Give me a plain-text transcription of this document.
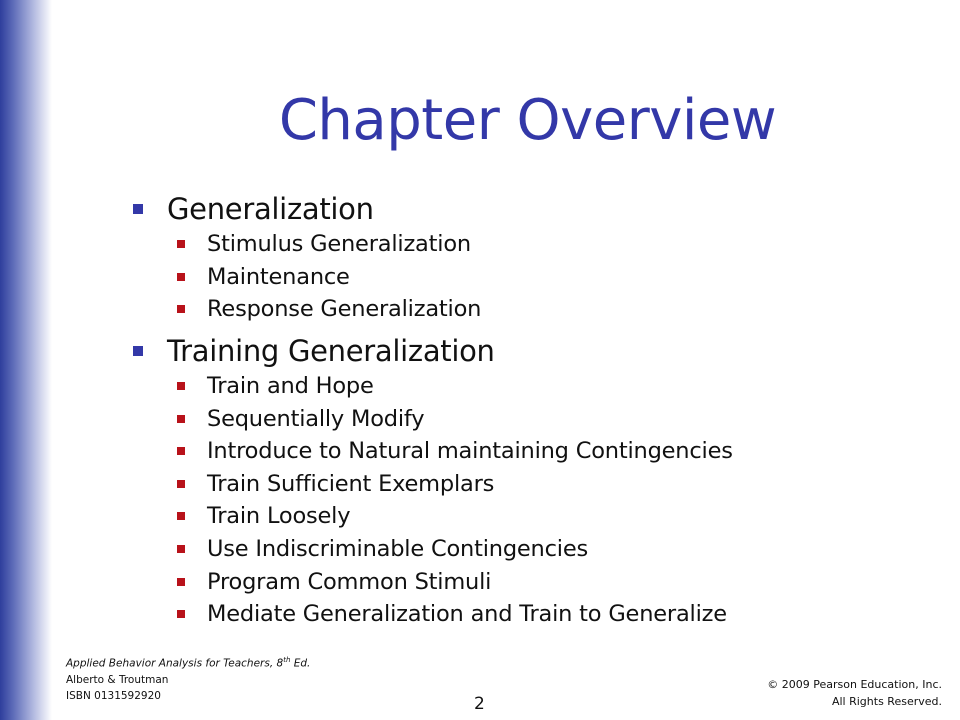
Chapter Overview
Generalization
Stimulus Generalization
Maintenance
Response Generalization
Training Generalization
Train and Hope
Sequentially Modify
Introduce to Natural maintaining Contingencies
Train Sufficient Exemplars
Train Loosely
Use Indiscriminable Contingencies
Program Common Stimuli
Mediate Generalization and Train to Generalize
Applied Behavior Analysis for Teachers, 8th Ed.
Alberto & Troutman
ISBN 0131592920
© 2009 Pearson Education, Inc.
All Rights Reserved.
2
